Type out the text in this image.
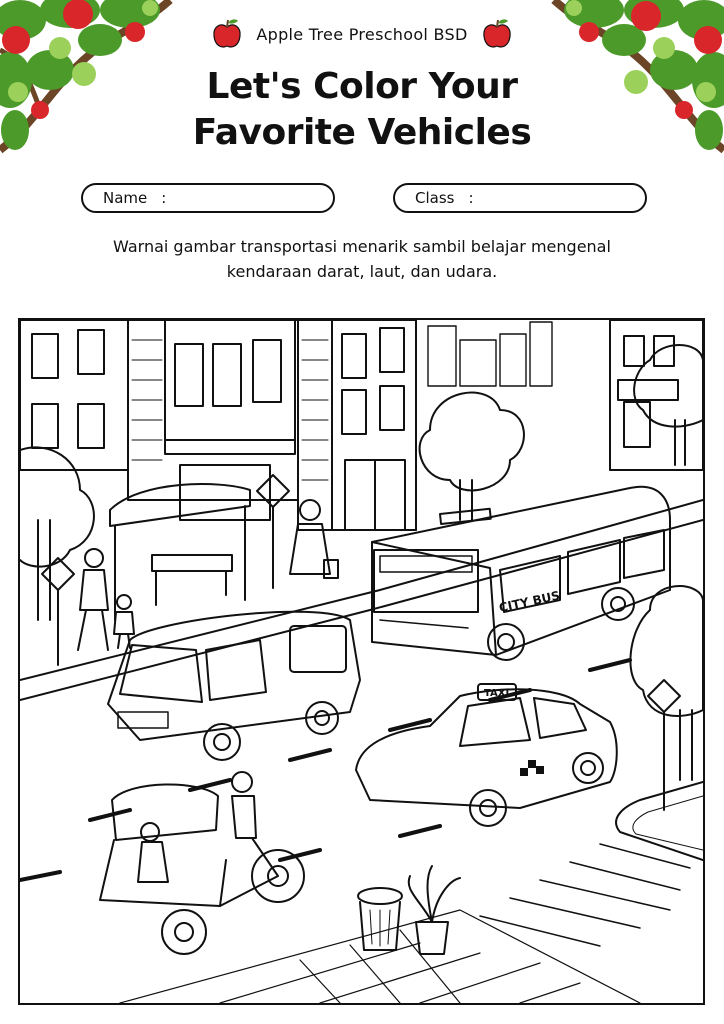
Apple Tree Preschool BSD
Let's Color Your
Favorite Vehicles
Name :	Class :
Warnai gambar transportasi menarik sambil belajar mengenal
kendaraan darat, laut, dan udara.
CITY BUS
TAXI
